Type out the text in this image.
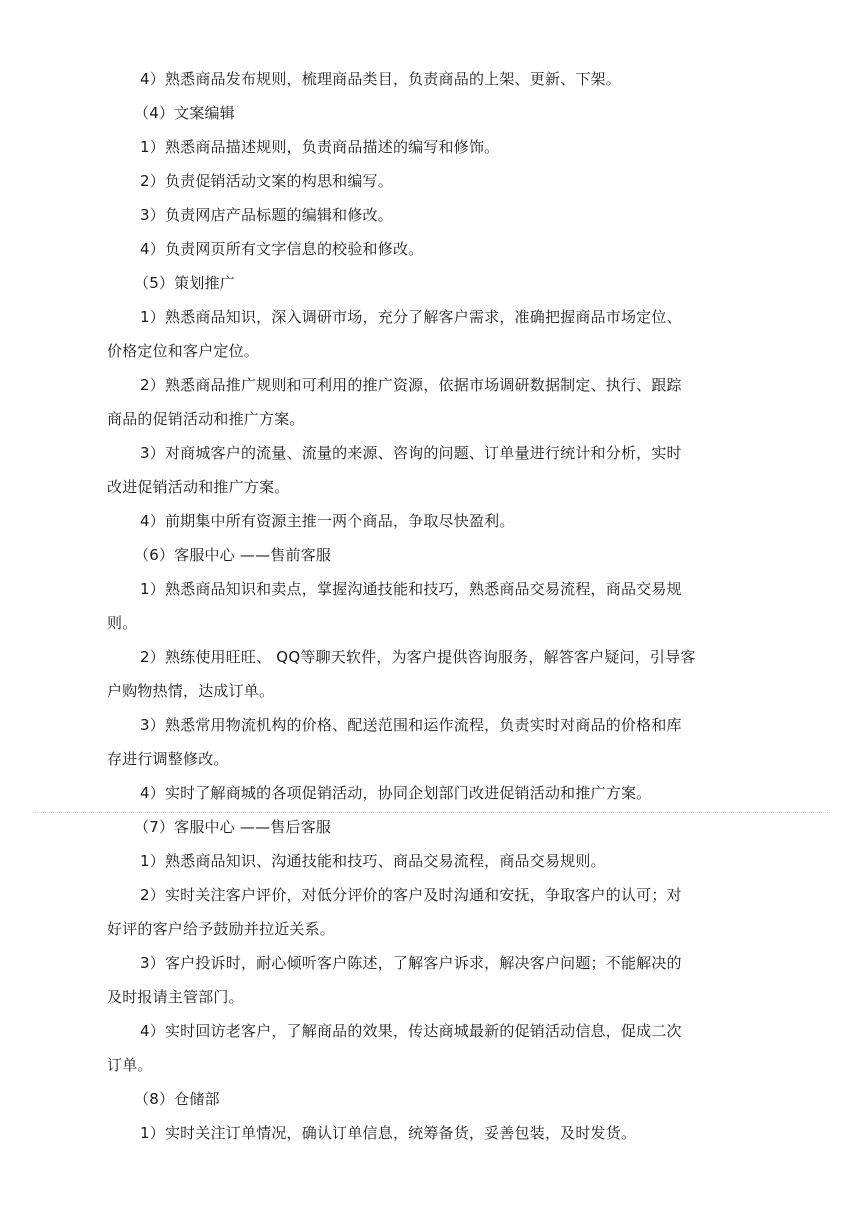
4）熟悉商品发布规则，梳理商品类目，负责商品的上架、更新、下架。
（4）文案编辑
1）熟悉商品描述规则，负责商品描述的编写和修饰。
2）负责促销活动文案的构思和编写。
3）负责网店产品标题的编辑和修改。
4）负责网页所有文字信息的校验和修改。
（5）策划推广
1）熟悉商品知识，深入调研市场，充分了解客户需求，准确把握商品市场定位、
价格定位和客户定位。
2）熟悉商品推广规则和可利用的推广资源，依据市场调研数据制定、执行、跟踪
商品的促销活动和推广方案。
3）对商城客户的流量、流量的来源、咨询的问题、订单量进行统计和分析，实时
改进促销活动和推广方案。
4）前期集中所有资源主推一两个商品，争取尽快盈利。
（6）客服中心 ——售前客服
1）熟悉商品知识和卖点，掌握沟通技能和技巧，熟悉商品交易流程，商品交易规
则。
2）熟练使用旺旺、 QQ等聊天软件，为客户提供咨询服务，解答客户疑问，引导客
户购物热情，达成订单。
3）熟悉常用物流机构的价格、配送范围和运作流程，负责实时对商品的价格和库
存进行调整修改。
4）实时了解商城的各项促销活动，协同企划部门改进促销活动和推广方案。
（7）客服中心 ——售后客服
1）熟悉商品知识、沟通技能和技巧、商品交易流程，商品交易规则。
2）实时关注客户评价，对低分评价的客户及时沟通和安抚，争取客户的认可；对
好评的客户给予鼓励并拉近关系。
3）客户投诉时，耐心倾听客户陈述，了解客户诉求，解决客户问题；不能解决的
及时报请主管部门。
4）实时回访老客户，了解商品的效果，传达商城最新的促销活动信息，促成二次
订单。
（8）仓储部
1）实时关注订单情况，确认订单信息，统筹备货，妥善包装，及时发货。
